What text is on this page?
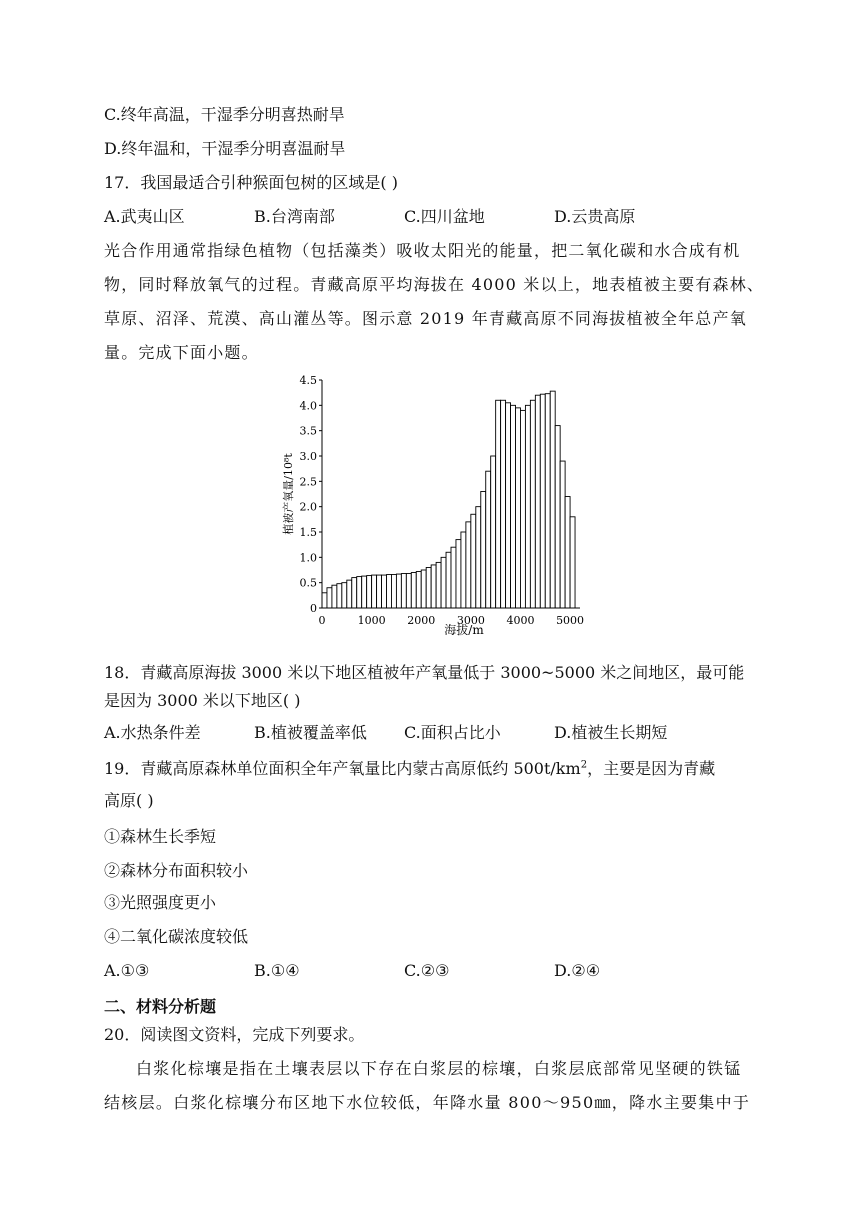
C.终年高温，干湿季分明喜热耐旱
D.终年温和，干湿季分明喜温耐旱
17．我国最适合引种猴面包树的区域是( )
A.武夷山区	B.台湾南部	C.四川盆地	D.云贵高原
光合作用通常指绿色植物（包括藻类）吸收太阳光的能量，把二氧化碳和水合成有机
物，同时释放氧气的过程。青藏高原平均海拔在 4000 米以上，地表植被主要有森林、
草原、沼泽、荒漠、高山灌丛等。图示意 2019 年青藏高原不同海拔植被全年总产氧
量。完成下面小题。
0
0.5
1.0
1.5
2.0
2.5
3.0
3.5
4.0
4.5
0	1000 2000 3000 4000 5000
植被产氧量/10⁸t
海拔/m
18．青藏高原海拔 3000 米以下地区植被年产氧量低于 3000~5000 米之间地区，最可能
是因为 3000 米以下地区( )
A.水热条件差	B.植被覆盖率低 C.面积占比小	D.植被生长期短
19．青藏高原森林单位面积全年产氧量比内蒙古高原低约 $500t/km^2$，主要是因为青藏
高原( )
①森林生长季短
②森林分布面积较小
③光照强度更小
④二氧化碳浓度较低
A.①③	B.①④	C.②③	D.②④
二、材料分析题
20．阅读图文资料，完成下列要求。
白浆化棕壤是指在土壤表层以下存在白浆层的棕壤，白浆层底部常见坚硬的铁锰
结核层。白浆化棕壤分布区地下水位较低，年降水量 800～950㎜，降水主要集中于
